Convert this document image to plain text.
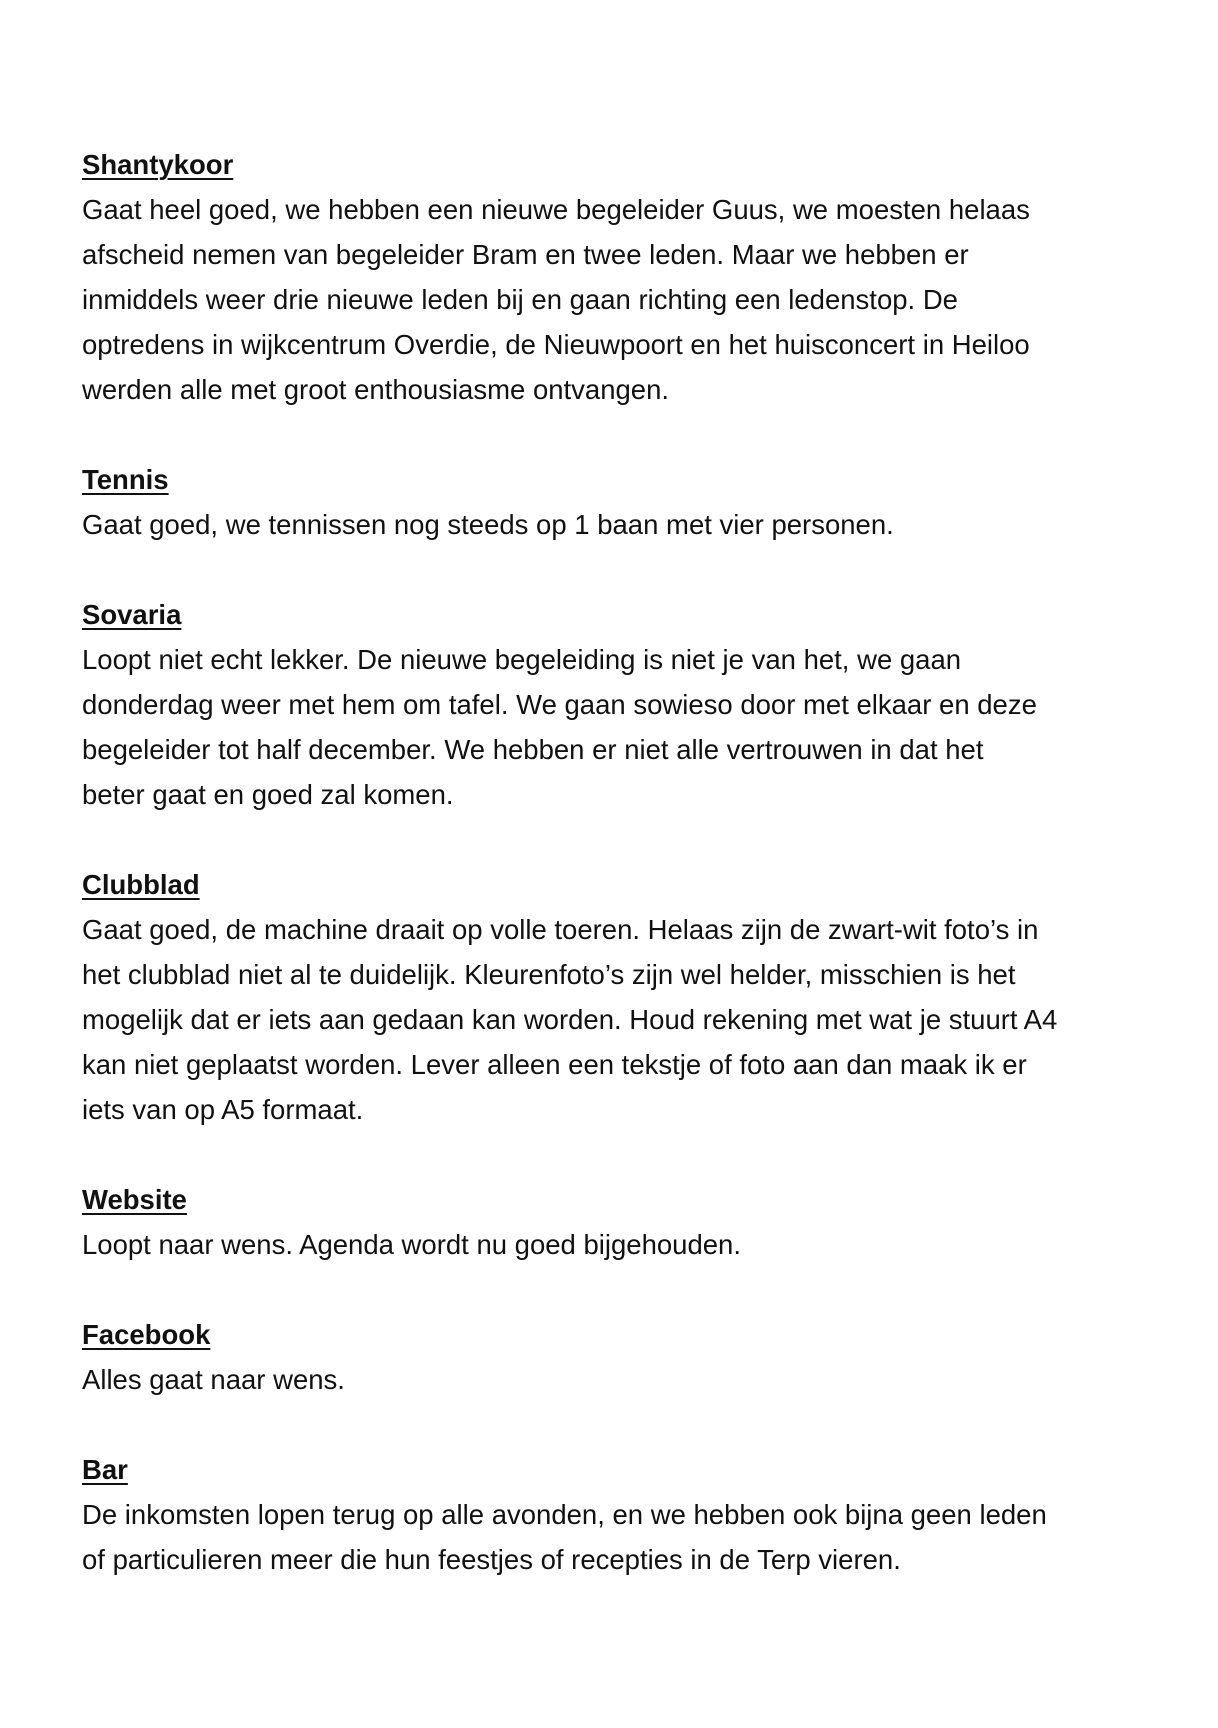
Shantykoor

Gaat heel goed, we hebben een nieuwe begeleider Guus, we moesten helaas
afscheid nemen van begeleider Bram en twee leden. Maar we hebben er
inmiddels weer drie nieuwe leden bij en gaan richting een ledenstop. De
optredens in wijkcentrum Overdie, de Nieuwpoort en het huisconcert in Heiloo
werden alle met groot enthousiasme ontvangen.

Tennis

Gaat goed, we tennissen nog steeds op 1 baan met vier personen.

Sovaria

Loopt niet echt lekker. De nieuwe begeleiding is niet je van het, we gaan
donderdag weer met hem om tafel. We gaan sowieso door met elkaar en deze
begeleider tot half december. We hebben er niet alle vertrouwen in dat het
beter gaat en goed zal komen.

Clubblad

Gaat goed, de machine draait op volle toeren. Helaas zijn de zwart-wit foto’s in
het clubblad niet al te duidelijk. Kleurenfoto’s zijn wel helder, misschien is het
mogelijk dat er iets aan gedaan kan worden. Houd rekening met wat je stuurt A4
kan niet geplaatst worden. Lever alleen een tekstje of foto aan dan maak ik er
iets van op A5 formaat.

Website

Loopt naar wens. Agenda wordt nu goed bijgehouden.

Facebook

Alles gaat naar wens.

Bar

De inkomsten lopen terug op alle avonden, en we hebben ook bijna geen leden
of particulieren meer die hun feestjes of recepties in de Terp vieren.
